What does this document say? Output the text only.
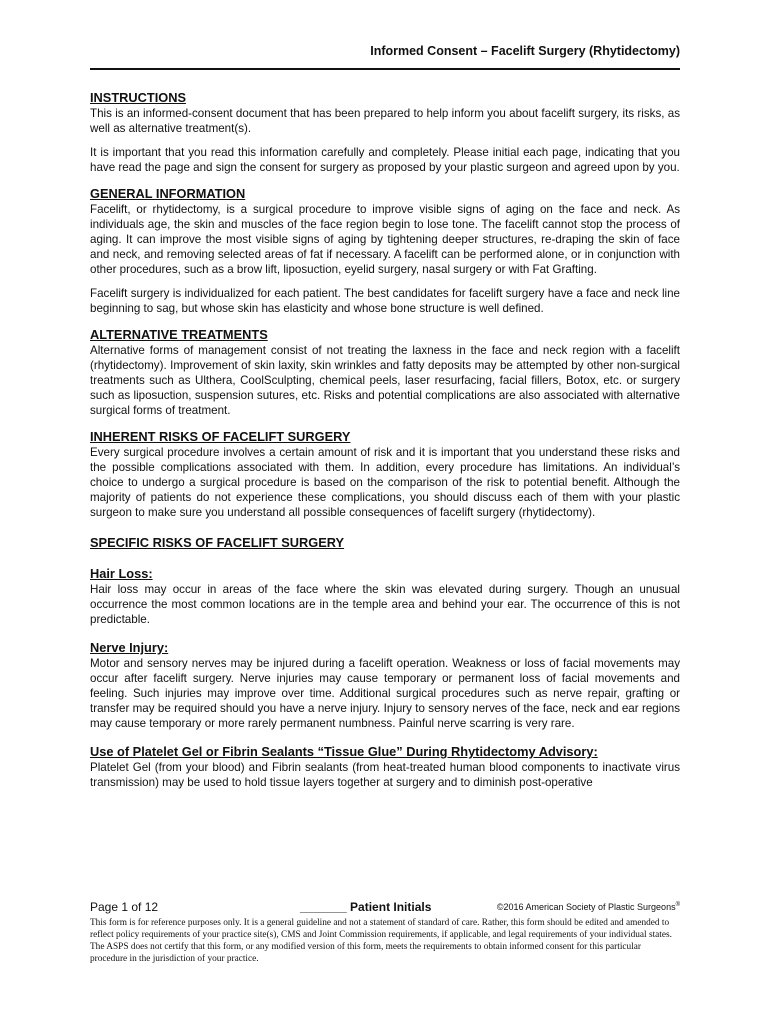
Informed Consent – Facelift Surgery (Rhytidectomy)
INSTRUCTIONS

This is an informed-consent document that has been prepared to help inform you about facelift surgery, its risks, as well as alternative treatment(s).

It is important that you read this information carefully and completely. Please initial each page, indicating that you have read the page and sign the consent for surgery as proposed by your plastic surgeon and agreed upon by you.

GENERAL INFORMATION

Facelift, or rhytidectomy, is a surgical procedure to improve visible signs of aging on the face and neck. As individuals age, the skin and muscles of the face region begin to lose tone. The facelift cannot stop the process of aging. It can improve the most visible signs of aging by tightening deeper structures, re-draping the skin of face and neck, and removing selected areas of fat if necessary. A facelift can be performed alone, or in conjunction with other procedures, such as a brow lift, liposuction, eyelid surgery, nasal surgery or with Fat Grafting.

Facelift surgery is individualized for each patient. The best candidates for facelift surgery have a face and neck line beginning to sag, but whose skin has elasticity and whose bone structure is well defined.

ALTERNATIVE TREATMENTS

Alternative forms of management consist of not treating the laxness in the face and neck region with a facelift (rhytidectomy). Improvement of skin laxity, skin wrinkles and fatty deposits may be attempted by other non-surgical treatments such as Ulthera, CoolSculpting, chemical peels, laser resurfacing, facial fillers, Botox, etc. or surgery such as liposuction, suspension sutures, etc. Risks and potential complications are also associated with alternative surgical forms of treatment.

INHERENT RISKS OF FACELIFT SURGERY

Every surgical procedure involves a certain amount of risk and it is important that you understand these risks and the possible complications associated with them. In addition, every procedure has limitations. An individual’s choice to undergo a surgical procedure is based on the comparison of the risk to potential benefit. Although the majority of patients do not experience these complications, you should discuss each of them with your plastic surgeon to make sure you understand all possible consequences of facelift surgery (rhytidectomy).

SPECIFIC RISKS OF FACELIFT SURGERY
Hair Loss:

Hair loss may occur in areas of the face where the skin was elevated during surgery. Though an unusual occurrence the most common locations are in the temple area and behind your ear. The occurrence of this is not predictable.

Nerve Injury:

Motor and sensory nerves may be injured during a facelift operation. Weakness or loss of facial movements may occur after facelift surgery. Nerve injuries may cause temporary or permanent loss of facial movements and feeling. Such injuries may improve over time. Additional surgical procedures such as nerve repair, grafting or transfer may be required should you have a nerve injury. Injury to sensory nerves of the face, neck and ear regions may cause temporary or more rarely permanent numbness. Painful nerve scarring is very rare.

Use of Platelet Gel or Fibrin Sealants “Tissue Glue” During Rhytidectomy Advisory:

Platelet Gel (from your blood) and Fibrin sealants (from heat-treated human blood components to inactivate virus transmission) may be used to hold tissue layers together at surgery and to diminish post-operative

Page 1 of 12	_______ Patient Initials	©2016 American Society of Plastic Surgeons®
This form is for reference purposes only. It is a general guideline and not a statement of standard of care. Rather, this form should be edited and amended to reflect policy requirements of your practice site(s), CMS and Joint Commission requirements, if applicable, and legal requirements of your individual states. The ASPS does not certify that this form, or any modified version of this form, meets the requirements to obtain informed consent for this particular procedure in the jurisdiction of your practice.
